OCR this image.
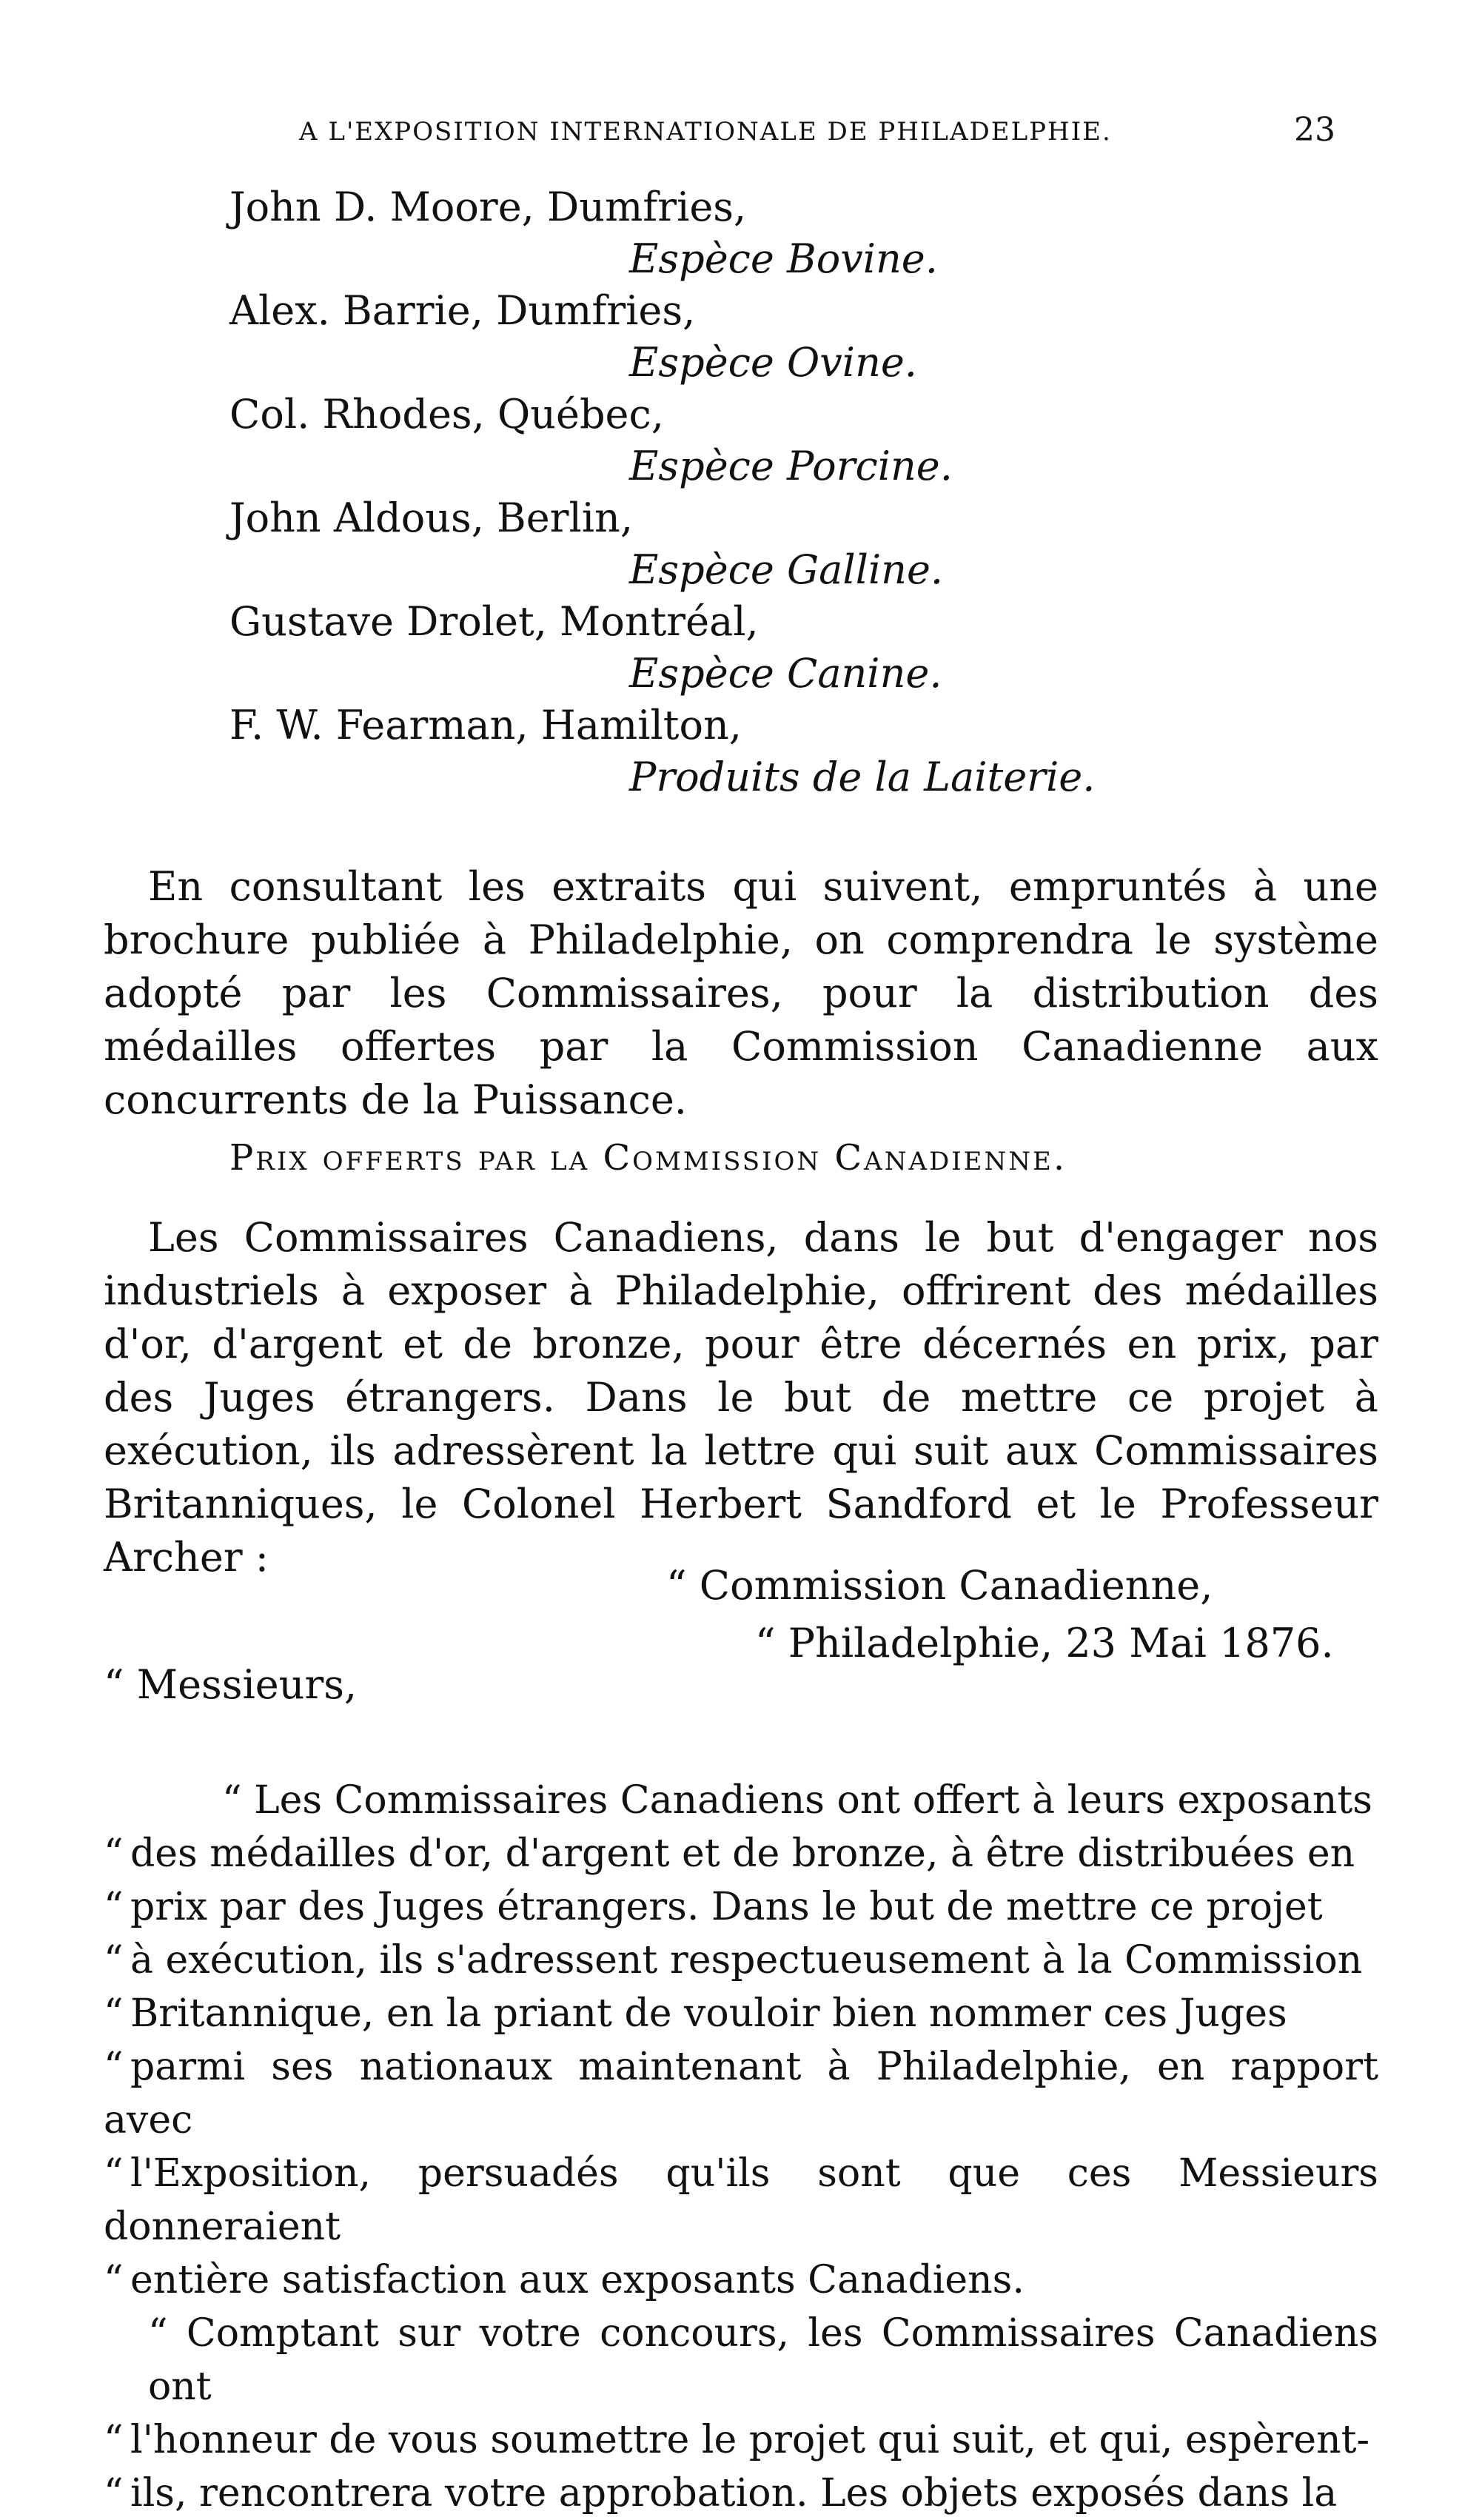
A L'EXPOSITION INTERNATIONALE DE PHILADELPHIE.	23
John D. Moore, Dumfries,
Espèce Bovine.
Alex. Barrie, Dumfries,
Espèce Ovine.
Col. Rhodes, Québec,
Espèce Porcine.
John Aldous, Berlin,
Espèce Galline.
Gustave Drolet, Montréal,
Espèce Canine.
F. W. Fearman, Hamilton,
Produits de la Laiterie.

En consultant les extraits qui suivent, empruntés à une brochure publiée à Philadelphie, on comprendra le système adopté par les Commissaires, pour la distribution des médailles offertes par la Commission Canadienne aux concurrents de la Puissance.

Prix offerts par la Commission Canadienne.

Les Commissaires Canadiens, dans le but d'engager nos industriels à exposer à Philadelphie, offrirent des médailles d'or, d'argent et de bronze, pour être décernés en prix, par des Juges étrangers. Dans le but de mettre ce projet à exécution, ils adressèrent la lettre qui suit aux Commissaires Britanniques, le Colonel Herbert Sandford et le Professeur Archer :

“ Commission Canadienne,
“ Philadelphie, 23 Mai 1876.
“ Messieurs,

“ Les Commissaires Canadiens ont offert à leurs exposants

“ des médailles d'or, d'argent et de bronze, à être distribuées en

“ prix par des Juges étrangers. Dans le but de mettre ce projet

“ à exécution, ils s'adressent respectueusement à la Commission

“ Britannique, en la priant de vouloir bien nommer ces Juges

“ parmi ses nationaux maintenant à Philadelphie, en rapport avec

“ l'Exposition, persuadés qu'ils sont que ces Messieurs donneraient

“ entière satisfaction aux exposants Canadiens.

“ Comptant sur votre concours, les Commissaires Canadiens ont

“ l'honneur de vous soumettre le projet qui suit, et qui, espèrent-

“ ils, rencontrera votre approbation. Les objets exposés dans la
